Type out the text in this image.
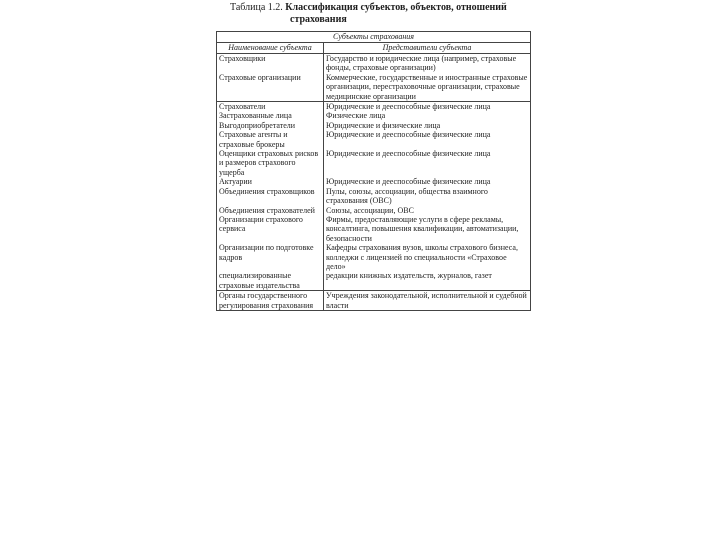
Таблица 1.2. Классификация субъектов, объектов, отношений
страхования
Субъекты страхования	
Наименование субъекта	Представители субъекта
Страховщики	Государство и юридические лица (например, страховые фонды, страховые организации)
Страховые организации	Коммерческие, государственные и иностранные страховые организации, перестраховочные организации, страховые медицинские организации
Страхователи	Юридические и дееспособные физические лица
Застрахованные лица	Физические лица
Выгодоприобретатели	Юридические и физические лица
Страховые агенты и страховые брокеры	Юридические и дееспособные физические лица
Оценщики страховых рисков и размеров страхового ущерба	Юридические и дееспособные физические лица
Актуарии	Юридические и дееспособные физические лица
Объединения страховщиков	Пулы, союзы, ассоциации, общества взаимного страхования (ОВС)
Объединения страхователей	Союзы, ассоциации, ОВС
Организации страхового сервиса	Фирмы, предоставляющие услуги в сфере рекламы, консалтинга, повышения квалификации, автоматизации, безопасности
Организации по подготовке кадров	Кафедры страхования вузов, школы страхового бизнеса, колледжи с лицензией по специальности «Страховое дело»
специализированные страховые издательства	редакции книжных издательств, журналов, газет
Органы государственного регулирования страхования	Учреждения законодательной, исполнительной и судебной власти
